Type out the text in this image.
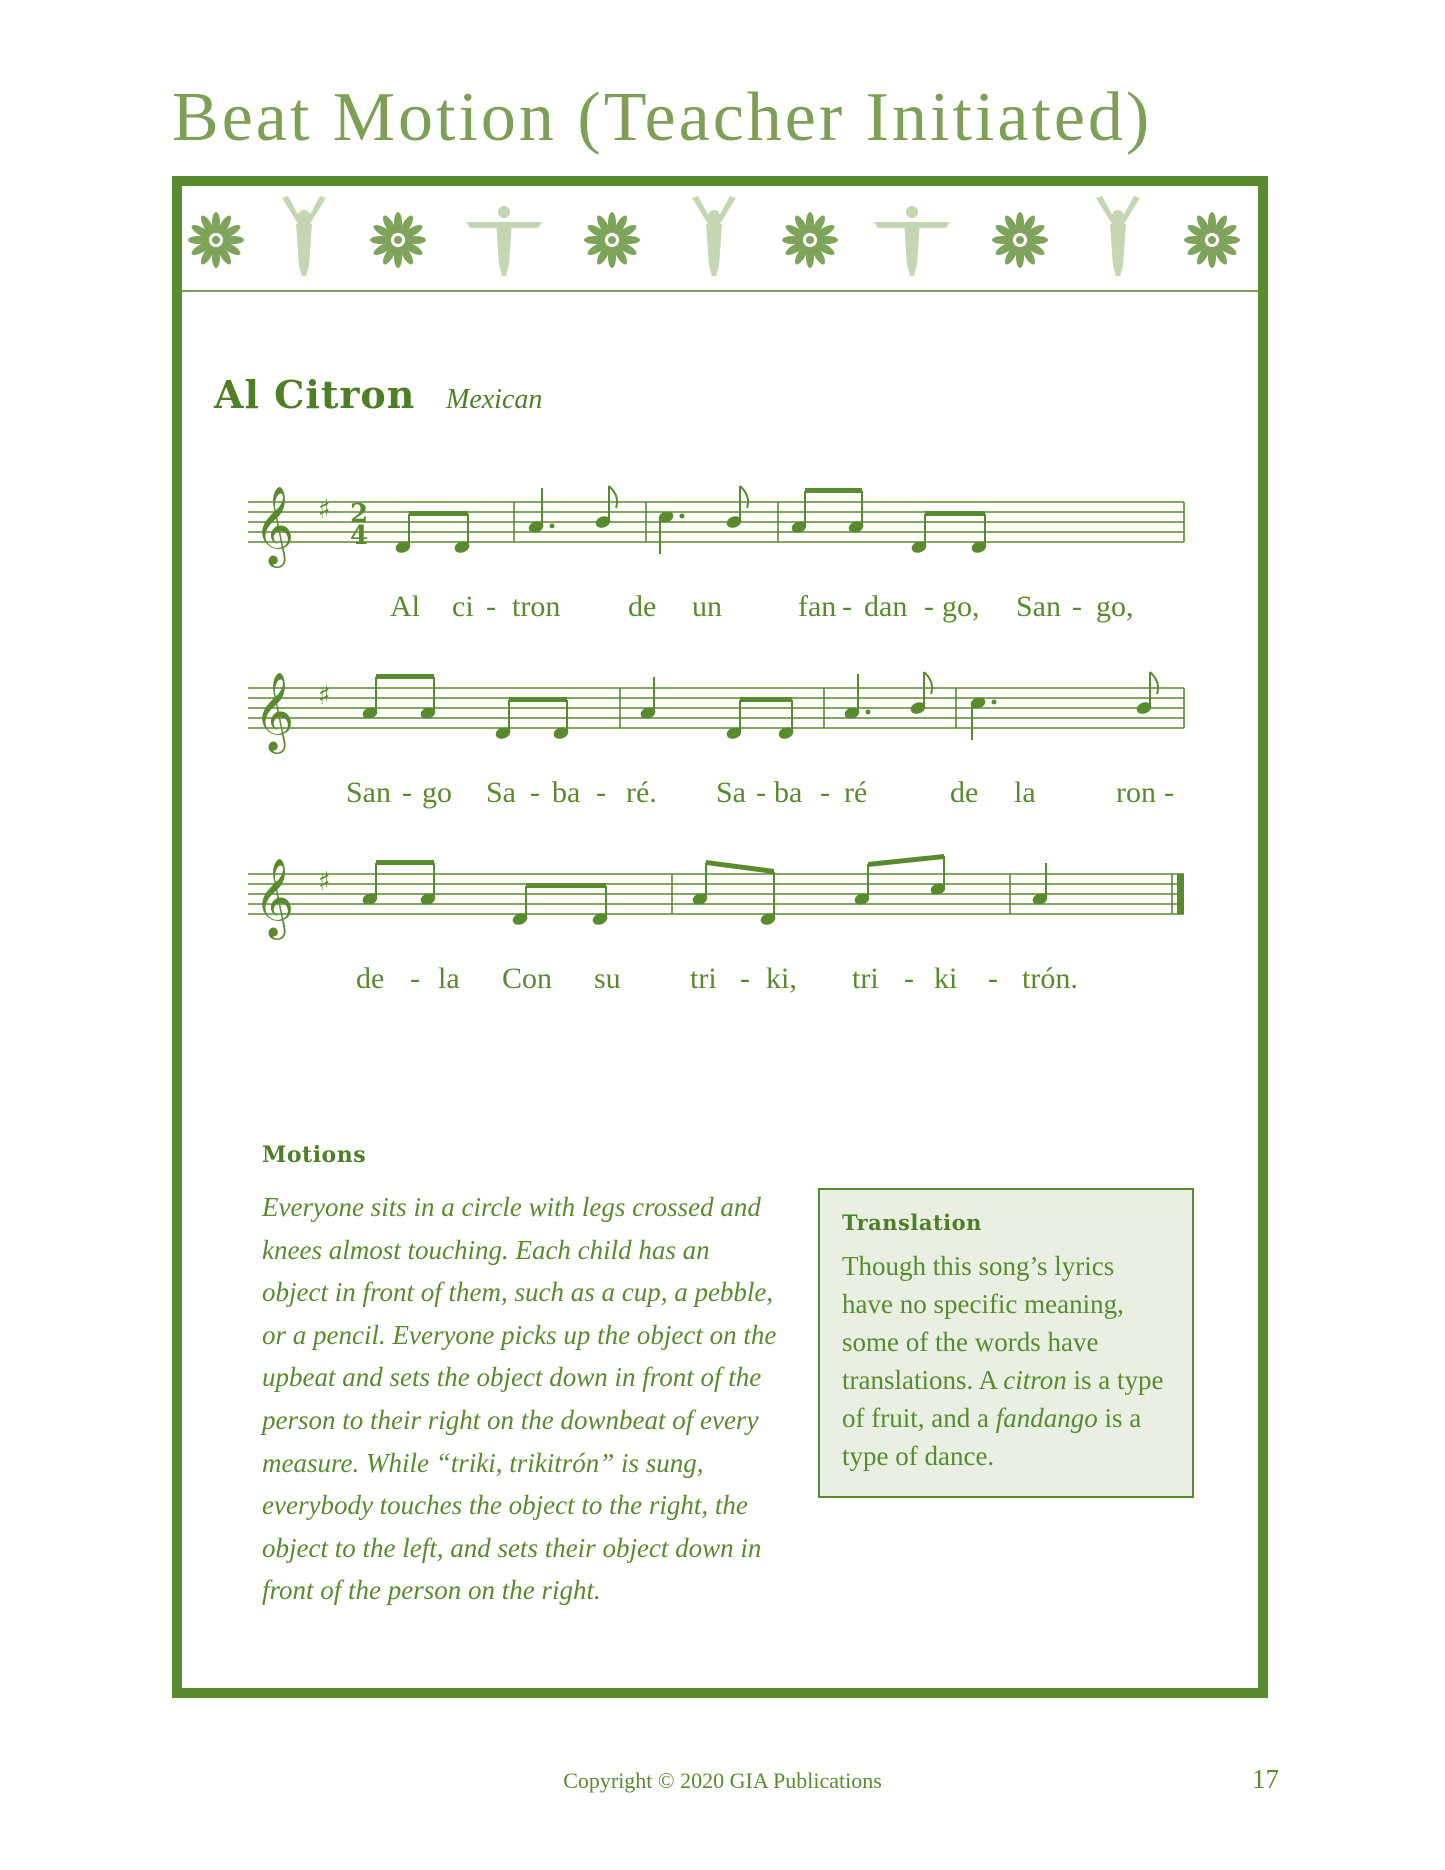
Beat Motion (Teacher Initiated)
Al Citron Mexican
𝄞 ♯ 2
4
Al ci - tron de un	fan - dan - go, San - go,
𝄞 ♯
San - go Sa - ba - ré. Sa - ba - ré	de la	ron -
𝄞 ♯
de - la Con su tri - ki, tri - ki - trón.
Motions

Everyone sits in a circle with legs crossed and knees almost touching. Each child has an object in front of them, such as a cup, a pebble, or a pencil. Everyone picks up the object on the upbeat and sets the object down in front of the person to their right on the downbeat of every measure. While “triki, trikitrón” is sung, everybody touches the object to the right, the object to the left, and sets their object down in front of the person on the right.

Translation

Though this song’s lyrics have no specific meaning, some of the words have translations. A citron is a type of fruit, and a fandango is a type of dance.

Copyright © 2020 GIA Publications	17
